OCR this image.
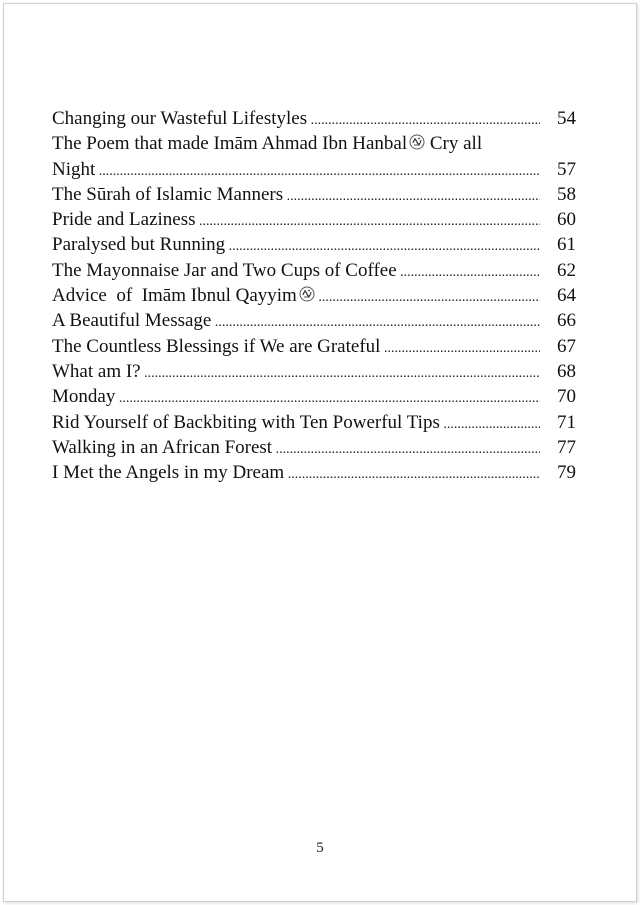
Changing our Wasteful Lifestyles .....	54
The Poem that made Imām Ahmad Ibn Hanbal Cry all
Night .....	57
The Sūrah of Islamic Manners .....	58
Pride and Laziness .....	60
Paralysed but Running .....	61
The Mayonnaise Jar and Two Cups of Coffee .....	62
Advice  of  Imām Ibnul Qayyim .....	64
A Beautiful Message .....	66
The Countless Blessings if We are Grateful .....	67
What am I? .....	68
Monday .....	70
Rid Yourself of Backbiting with Ten Powerful Tips .....	71
Walking in an African Forest .....	77
I Met the Angels in my Dream .....	79
5
